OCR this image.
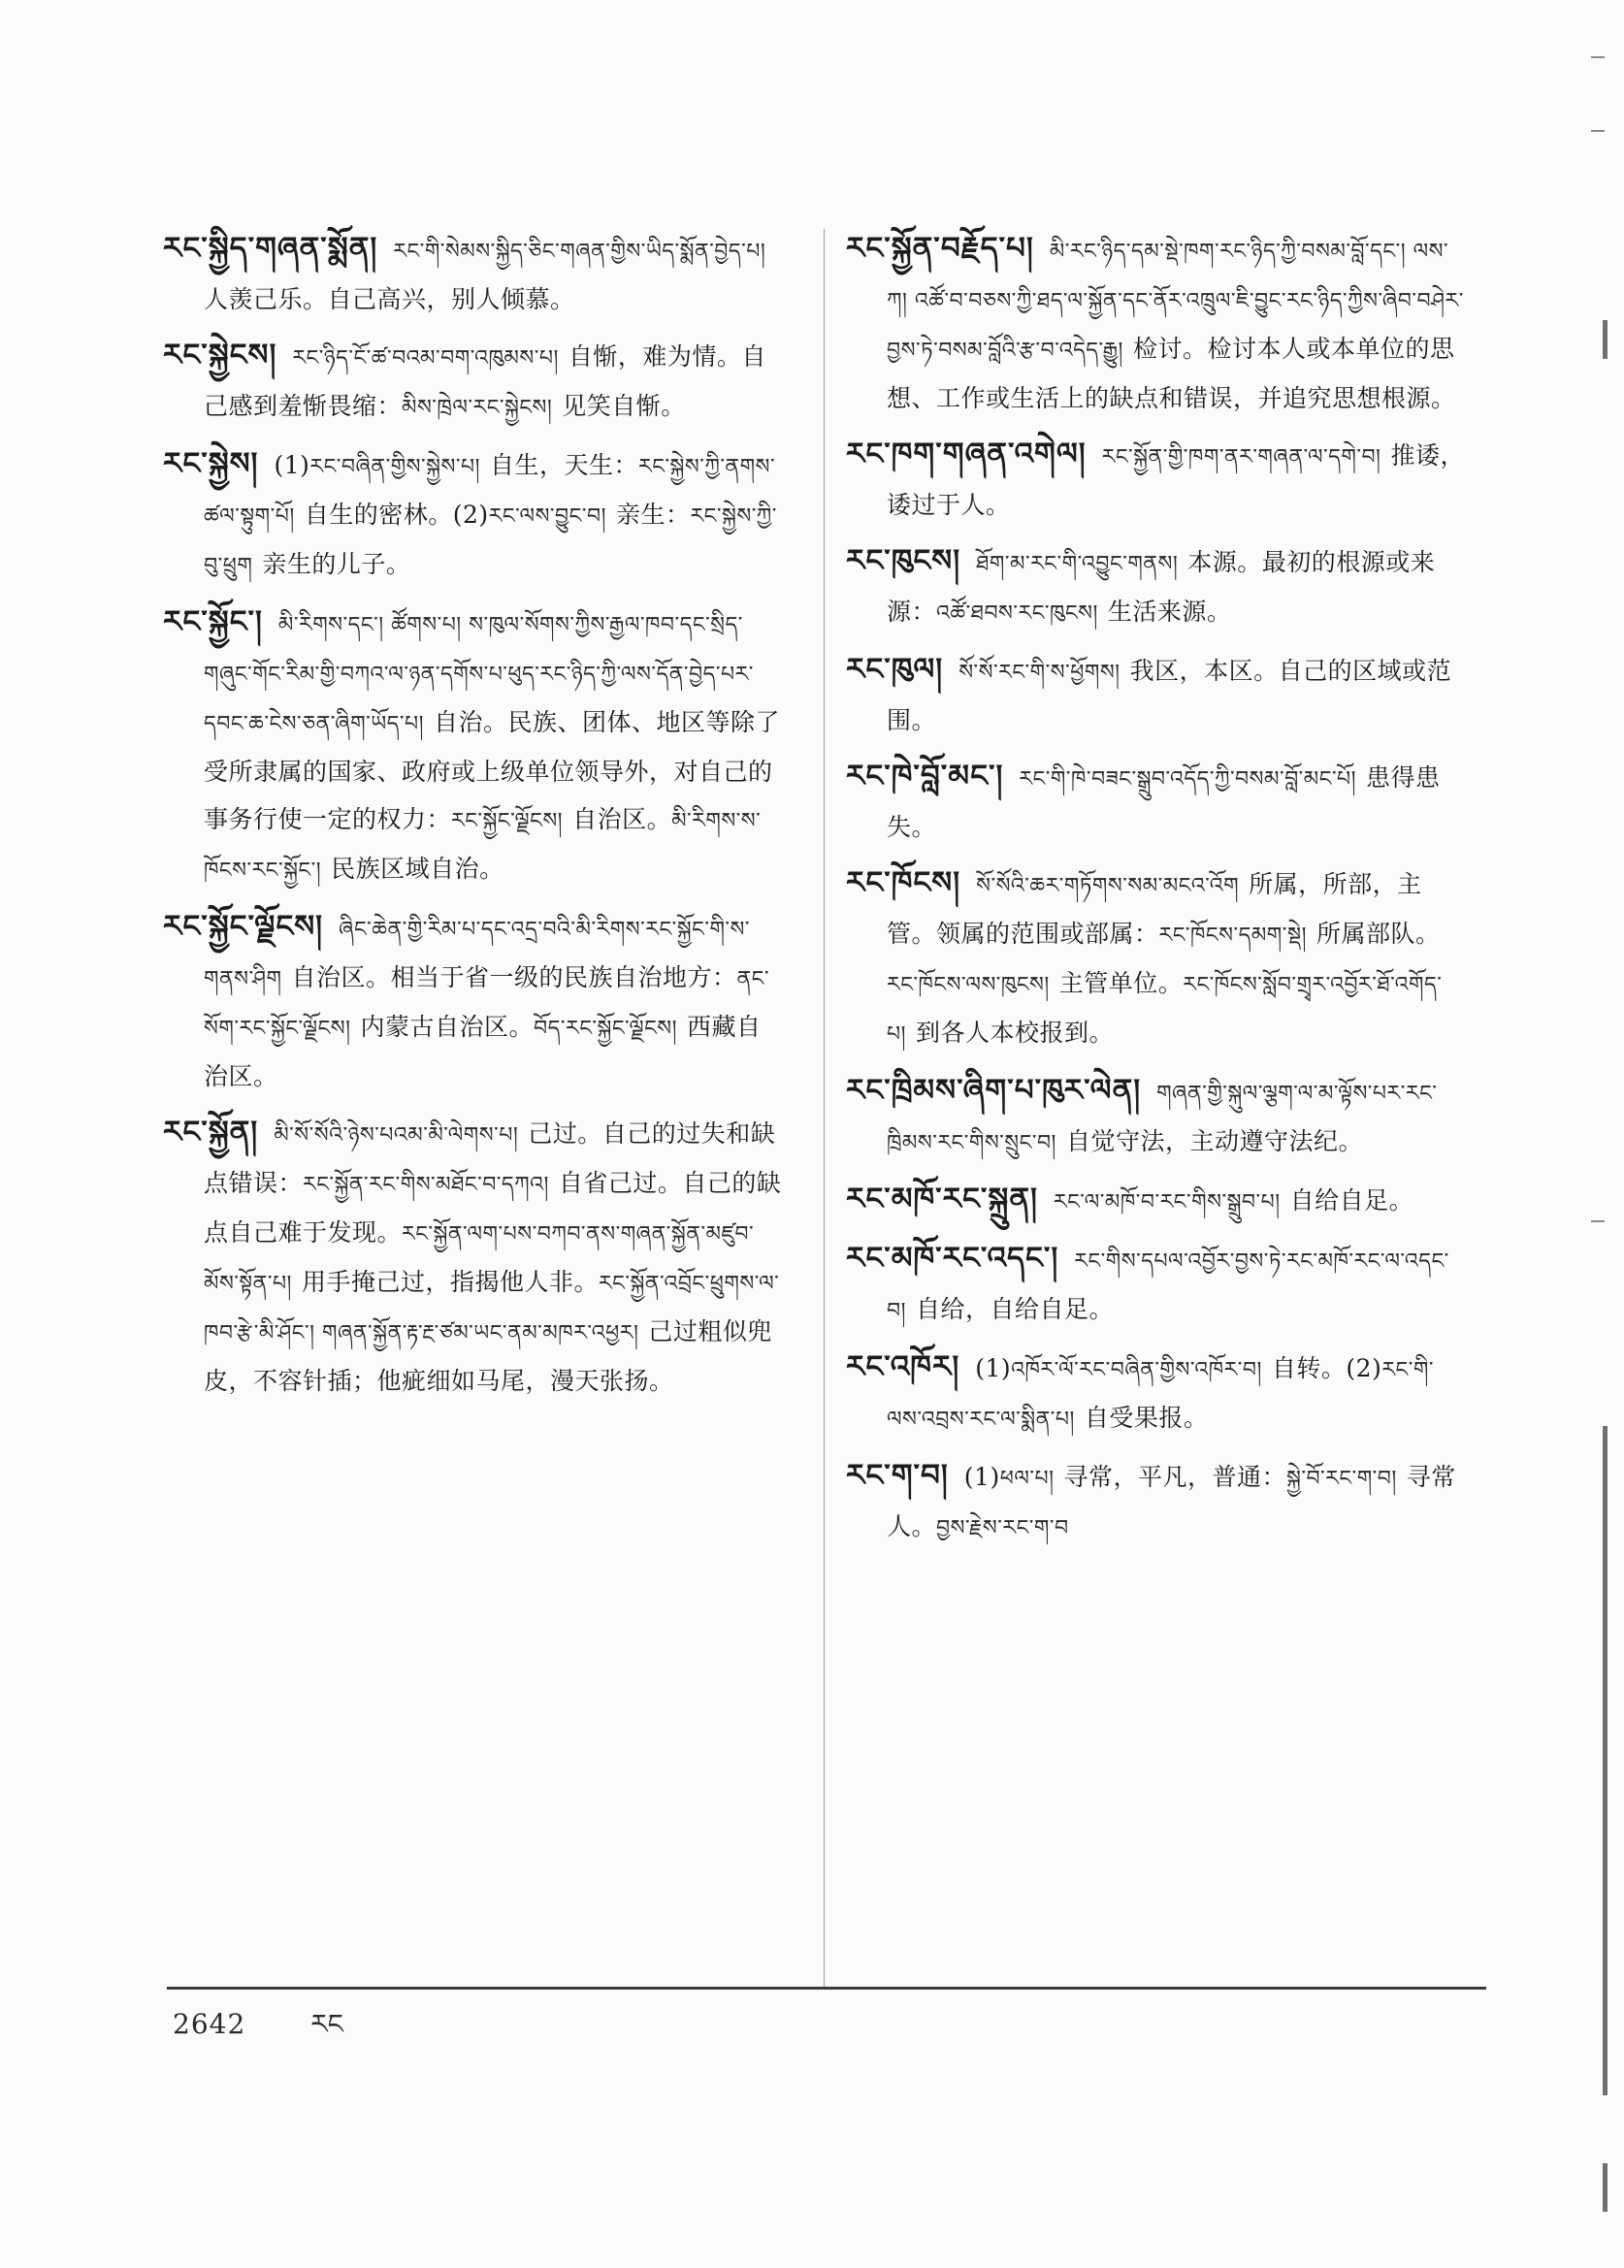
རང་སྐྱིད་གཞན་སྨོན། རང་གི་སེམས་སྐྱིད་ཅིང་གཞན་གྱིས་ཡིད་སྨོན་བྱེད་པ།人羡己乐。自己高兴，别人倾慕。

རང་སྐྱེངས། རང་ཉིད་ངོ་ཚ་བའམ་བག་འཁུམས་པ། 自惭，难为情。自己感到羞惭畏缩：མིས་ཁྲེལ་རང་སྐྱེངས། 见笑自惭。

རང་སྐྱེས། (1)རང་བཞིན་གྱིས་སྐྱེས་པ། 自生，天生：རང་སྐྱེས་ཀྱི་ནགས་ཚལ་སྟུག་པོ། 自生的密林。(2)རང་ལས་བྱུང་བ། 亲生：རང་སྐྱེས་ཀྱི་བུ་ཕྲུག 亲生的儿子。

རང་སྐྱོང་། མི་རིགས་དང་། ཚོགས་པ། ས་ཁུལ་སོགས་ཀྱིས་རྒྱལ་ཁབ་དང་སྲིད་གཞུང་གོང་རིམ་གྱི་བཀའ་ལ་ཉན་དགོས་པ་ཕུད་རང་ཉིད་ཀྱི་ལས་དོན་བྱེད་པར་དབང་ཆ་ངེས་ཅན་ཞིག་ཡོད་པ། 自治。民族、团体、地区等除了受所隶属的国家、政府或上级单位领导外，对自己的事务行使一定的权力：རང་སྐྱོང་ལྗོངས། 自治区。མི་རིགས་ས་ཁོངས་རང་སྐྱོང་། 民族区域自治。

རང་སྐྱོང་ལྗོངས། ཞིང་ཆེན་གྱི་རིམ་པ་དང་འདྲ་བའི་མི་རིགས་རང་སྐྱོང་གི་ས་གནས་ཤིག 自治区。相当于省一级的民族自治地方：ནང་སོག་རང་སྐྱོང་ལྗོངས། 内蒙古自治区。བོད་རང་སྐྱོང་ལྗོངས། 西藏自治区。

རང་སྐྱོན། མི་སོ་སོའི་ཉེས་པའམ་མི་ལེགས་པ། 己过。自己的过失和缺点错误：རང་སྐྱོན་རང་གིས་མཐོང་བ་དཀའ། 自省己过。自己的缺点自己难于发现。རང་སྐྱོན་ལག་པས་བཀབ་ནས་གཞན་སྐྱོན་མཛུབ་མོས་སྟོན་པ། 用手掩己过，指揭他人非。རང་སྐྱོན་འབྲོང་ཕྲུགས་ལ་ཁབ་རྩེ་མི་ཤོང་། གཞན་སྐྱོན་རྟ་རྔ་ཙམ་ཡང་ནམ་མཁར་འཕྱར། 己过粗似兜皮，不容针插；他疵细如马尾，漫天张扬。

རང་སྐྱོན་བརྗོད་པ། མི་རང་ཉིད་དམ་སྡེ་ཁག་རང་ཉིད་ཀྱི་བསམ་བློ་དང་། ལས་ཀ། འཚོ་བ་བཅས་ཀྱི་ཐད་ལ་སྐྱོན་དང་ནོར་འཁྲུལ་ཇི་བྱུང་རང་ཉིད་ཀྱིས་ཞིབ་བཤེར་བྱས་ཏེ་བསམ་བློའི་རྩ་བ་འདེད་རྒྱུ། 检讨。检讨本人或本单位的思想、工作或生活上的缺点和错误，并追究思想根源。

རང་ཁག་གཞན་འགེལ། རང་སྐྱོན་གྱི་ཁག་ནར་གཞན་ལ་དགེ་བ། 推诿，诿过于人。

རང་ཁུངས། ཐོག་མ་རང་གི་འབྱུང་གནས། 本源。最初的根源或来源：འཚོ་ཐབས་རང་ཁུངས། 生活来源。

རང་ཁུལ། སོ་སོ་རང་གི་ས་ཕྱོགས། 我区，本区。自己的区域或范围。

རང་ཁེ་བློ་མང་། རང་གི་ཁེ་བཟང་སྒྲུབ་འདོད་ཀྱི་བསམ་བློ་མང་པོ། 患得患失。

རང་ཁོངས། སོ་སོའི་ཆར་གཏོགས་སམ་མངའ་འོག 所属，所部，主管。领属的范围或部属：རང་ཁོངས་དམག་སྡེ། 所属部队。རང་ཁོངས་ལས་ཁུངས། 主管单位。རང་ཁོངས་སློབ་གྲྭར་འབྱོར་ཐོ་འགོད་པ། 到各人本校报到。

རང་ཁྲིམས་ཞིག་པ་ཁུར་ལེན། གཞན་གྱི་སྐུལ་ལྕག་ལ་མ་ལྟོས་པར་རང་ཁྲིམས་རང་གིས་སྲུང་བ། 自觉守法，主动遵守法纪。

རང་མཁོ་རང་སྐྲུན། རང་ལ་མཁོ་བ་རང་གིས་སྒྲུབ་པ། 自给自足。

རང་མཁོ་རང་འདང་། རང་གིས་དཔལ་འབྱོར་བྱས་ཏེ་རང་མཁོ་རང་ལ་འདང་བ། 自给，自给自足。

རང་འཁོར། (1)འཁོར་ལོ་རང་བཞིན་གྱིས་འཁོར་བ། 自转。(2)རང་གི་ལས་འབྲས་རང་ལ་སྨིན་པ། 自受果报。

རང་ག་བ། (1)ཕལ་པ། 寻常，平凡，普通：སྐྱེ་བོ་རང་ག་བ། 寻常人。བྱས་རྗེས་རང་ག་བ

2642 རང
